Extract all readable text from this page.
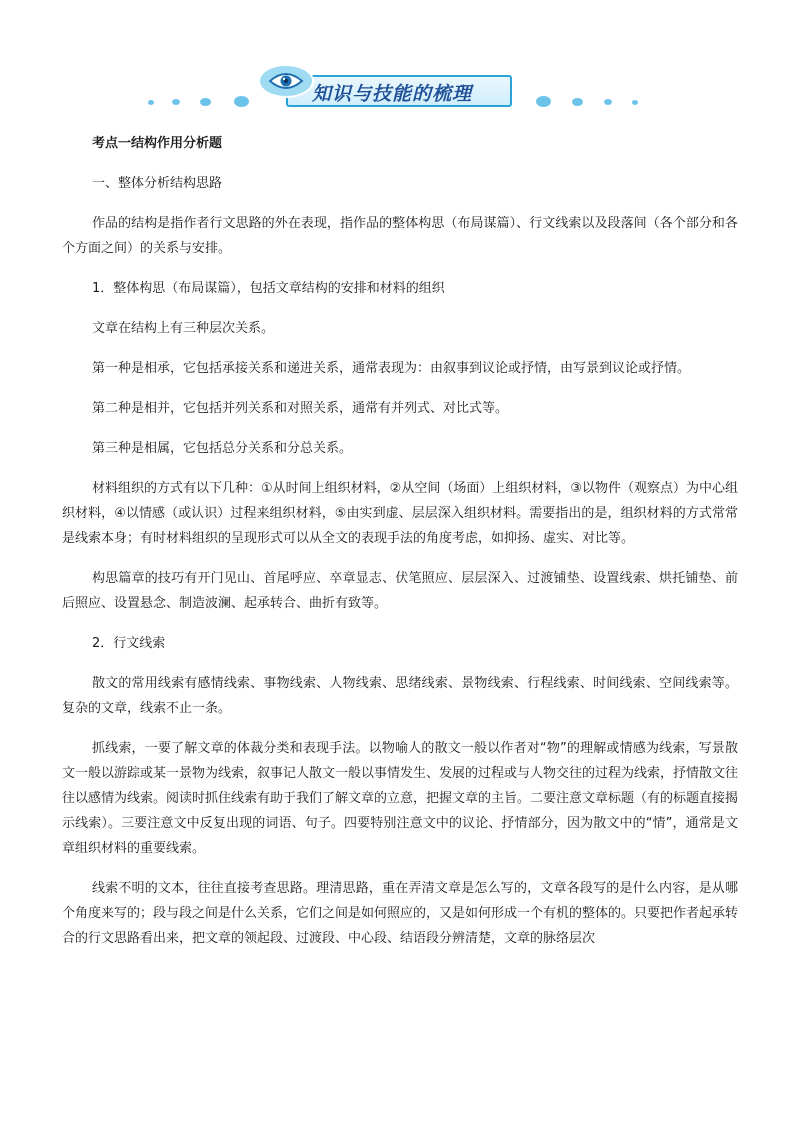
知识与技能的梳理

考点一结构作用分析题

一、整体分析结构思路

作品的结构是指作者行文思路的外在表现，指作品的整体构思（布局谋篇）、行文线索以及段落间（各个部分和各个方面之间）的关系与安排。

1．整体构思（布局谋篇），包括文章结构的安排和材料的组织

文章在结构上有三种层次关系。

第一种是相承，它包括承接关系和递进关系，通常表现为：由叙事到议论或抒情，由写景到议论或抒情。

第二种是相并，它包括并列关系和对照关系，通常有并列式、对比式等。

第三种是相属，它包括总分关系和分总关系。

材料组织的方式有以下几种：①从时间上组织材料，②从空间（场面）上组织材料，③以物件（观察点）为中心组织材料，④以情感（或认识）过程来组织材料，⑤由实到虚、层层深入组织材料。需要指出的是，组织材料的方式常常是线索本身；有时材料组织的呈现形式可以从全文的表现手法的角度考虑，如抑扬、虚实、对比等。

构思篇章的技巧有开门见山、首尾呼应、卒章显志、伏笔照应、层层深入、过渡铺垫、设置线索、烘托铺垫、前后照应、设置悬念、制造波澜、起承转合、曲折有致等。

2．行文线索

散文的常用线索有感情线索、事物线索、人物线索、思绪线索、景物线索、行程线索、时间线索、空间线索等。复杂的文章，线索不止一条。

抓线索，一要了解文章的体裁分类和表现手法。以物喻人的散文一般以作者对“物”的理解或情感为线索，写景散文一般以游踪或某一景物为线索，叙事记人散文一般以事情发生、发展的过程或与人物交往的过程为线索，抒情散文往往以感情为线索。阅读时抓住线索有助于我们了解文章的立意，把握文章的主旨。二要注意文章标题（有的标题直接揭示线索）。三要注意文中反复出现的词语、句子。四要特别注意文中的议论、抒情部分，因为散文中的“情”，通常是文章组织材料的重要线索。

线索不明的文本，往往直接考查思路。理清思路，重在弄清文章是怎么写的，文章各段写的是什么内容，是从哪个角度来写的；段与段之间是什么关系，它们之间是如何照应的，又是如何形成一个有机的整体的。只要把作者起承转合的行文思路看出来，把文章的领起段、过渡段、中心段、结语段分辨清楚，文章的脉络层次
